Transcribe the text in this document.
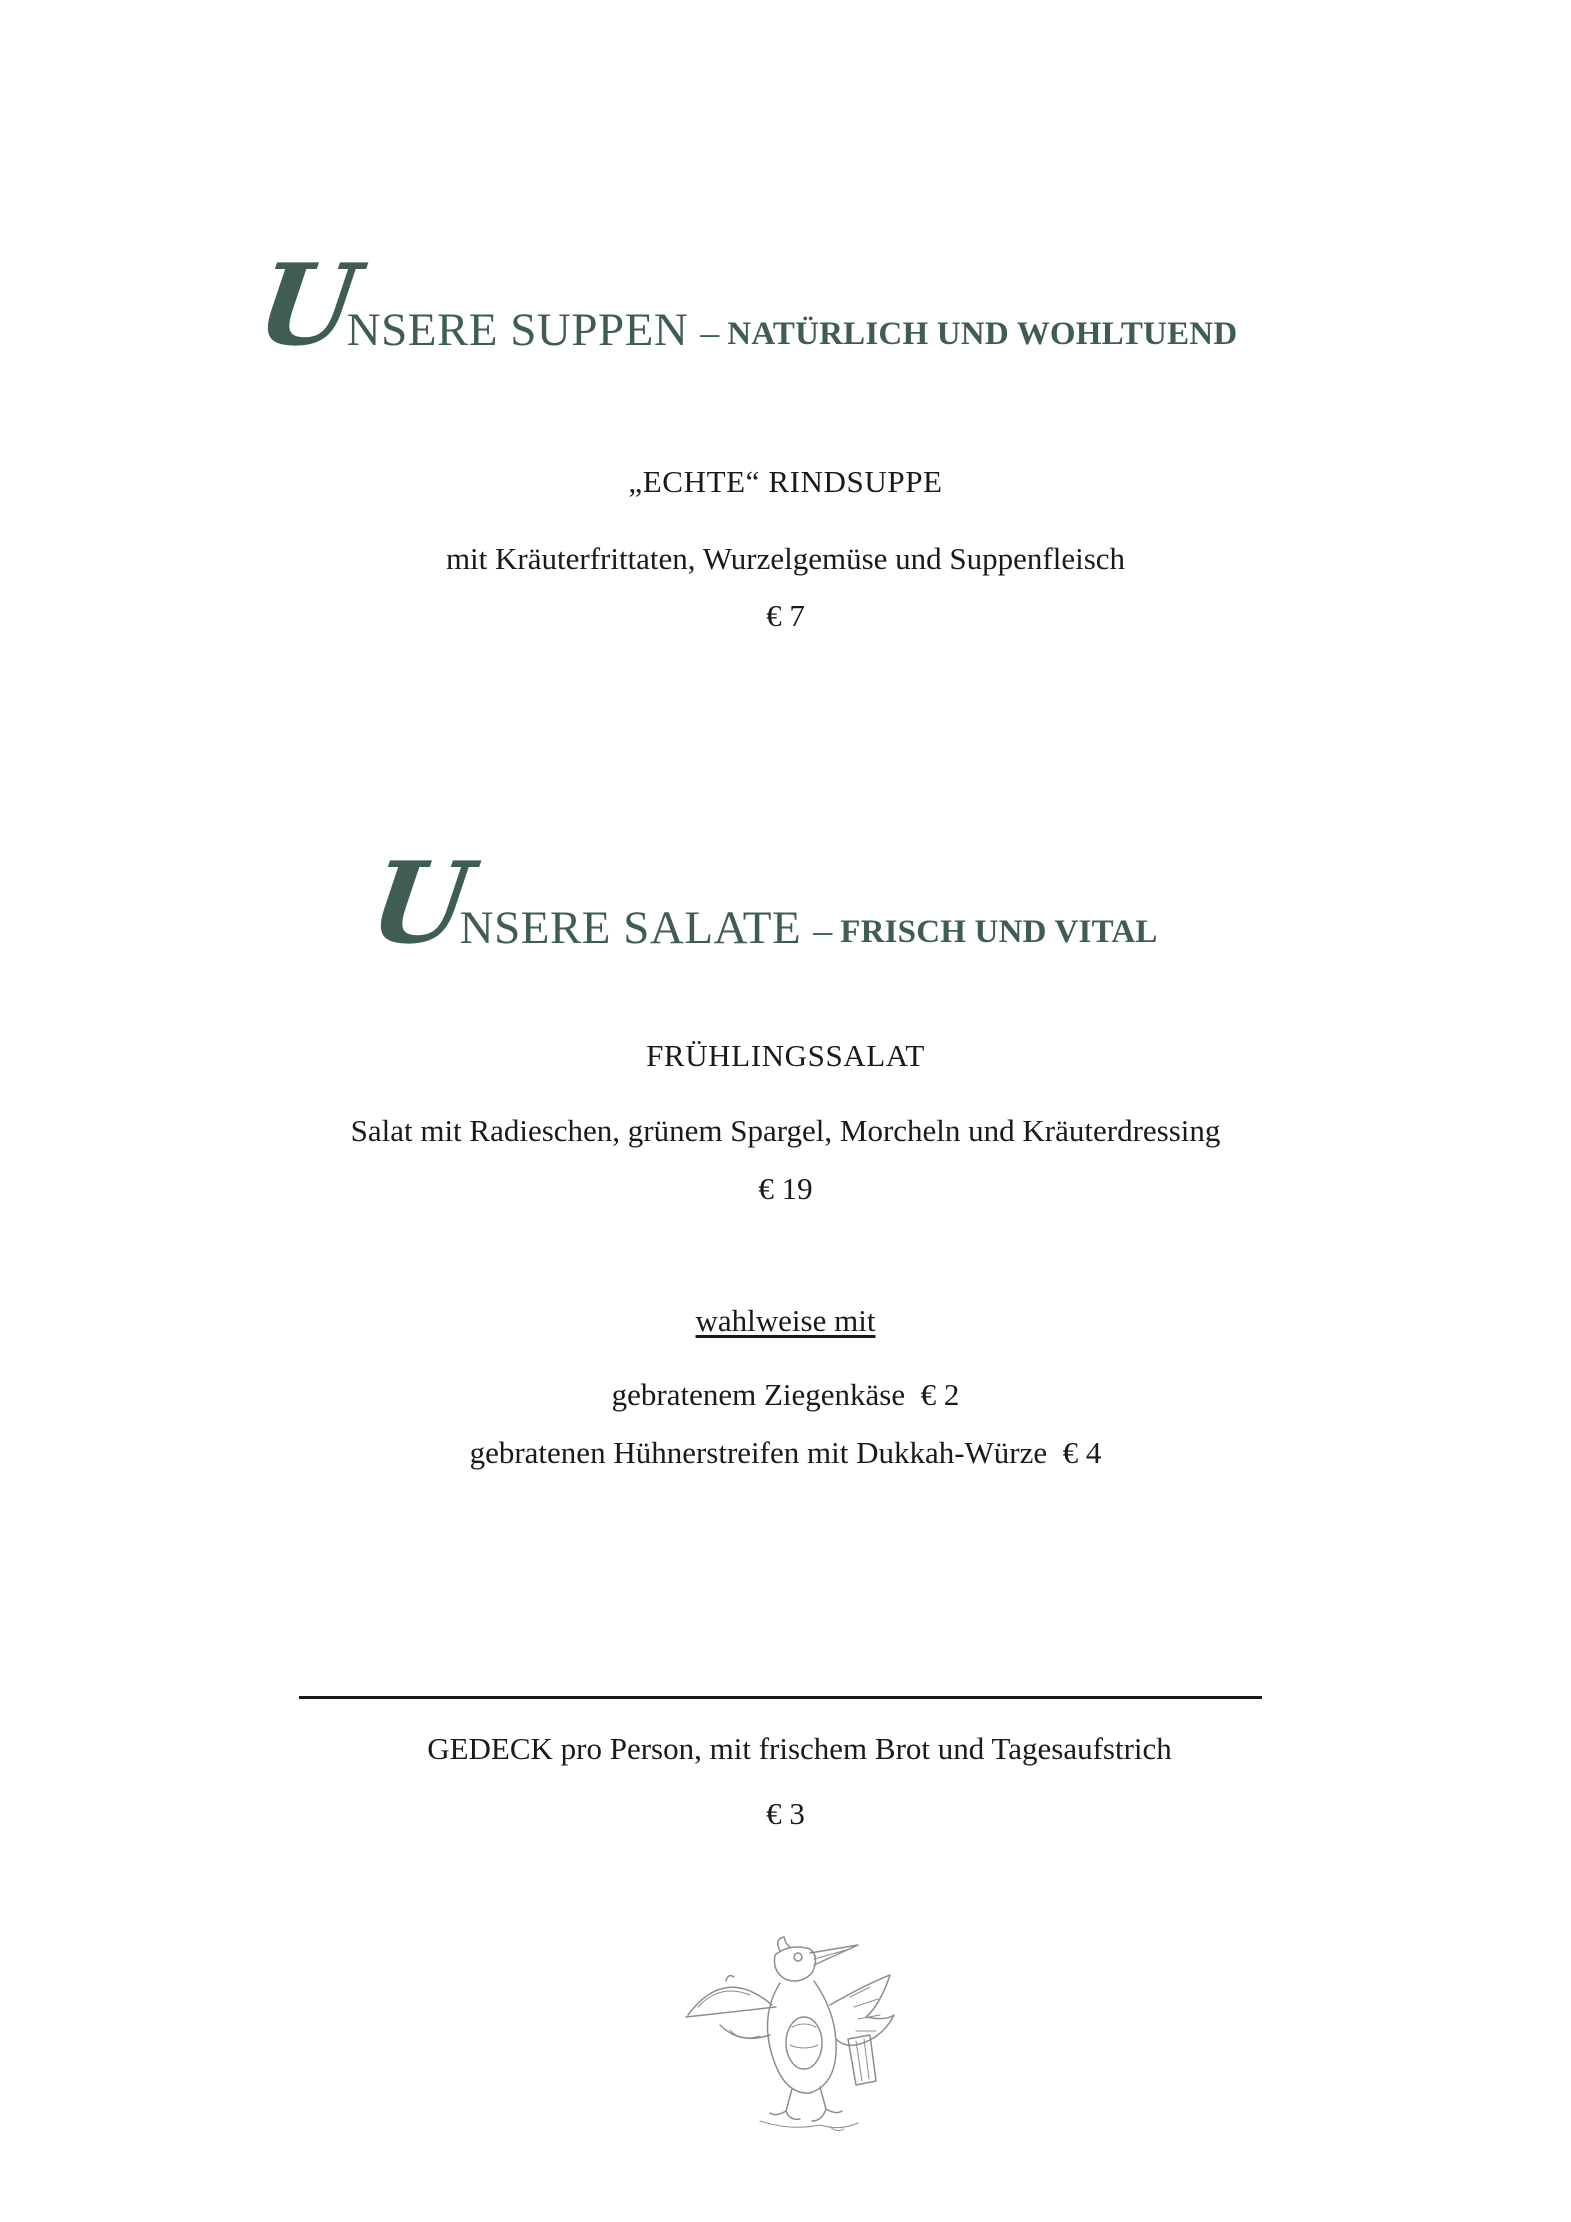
U
NSERE SUPPEN – NATÜRLICH UND WOHLTUEND
„ECHTE“ RINDSUPPE
mit Kräuterfrittaten, Wurzelgemüse und Suppenfleisch
€ 7
U
NSERE SALATE – FRISCH UND VITAL
FRÜHLINGSSALAT
Salat mit Radieschen, grünem Spargel, Morcheln und Kräuterdressing
€ 19
wahlweise mit
gebratenem Ziegenkäse  € 2
gebratenen Hühnerstreifen mit Dukkah-Würze  € 4
GEDECK pro Person, mit frischem Brot und Tagesaufstrich
€ 3
